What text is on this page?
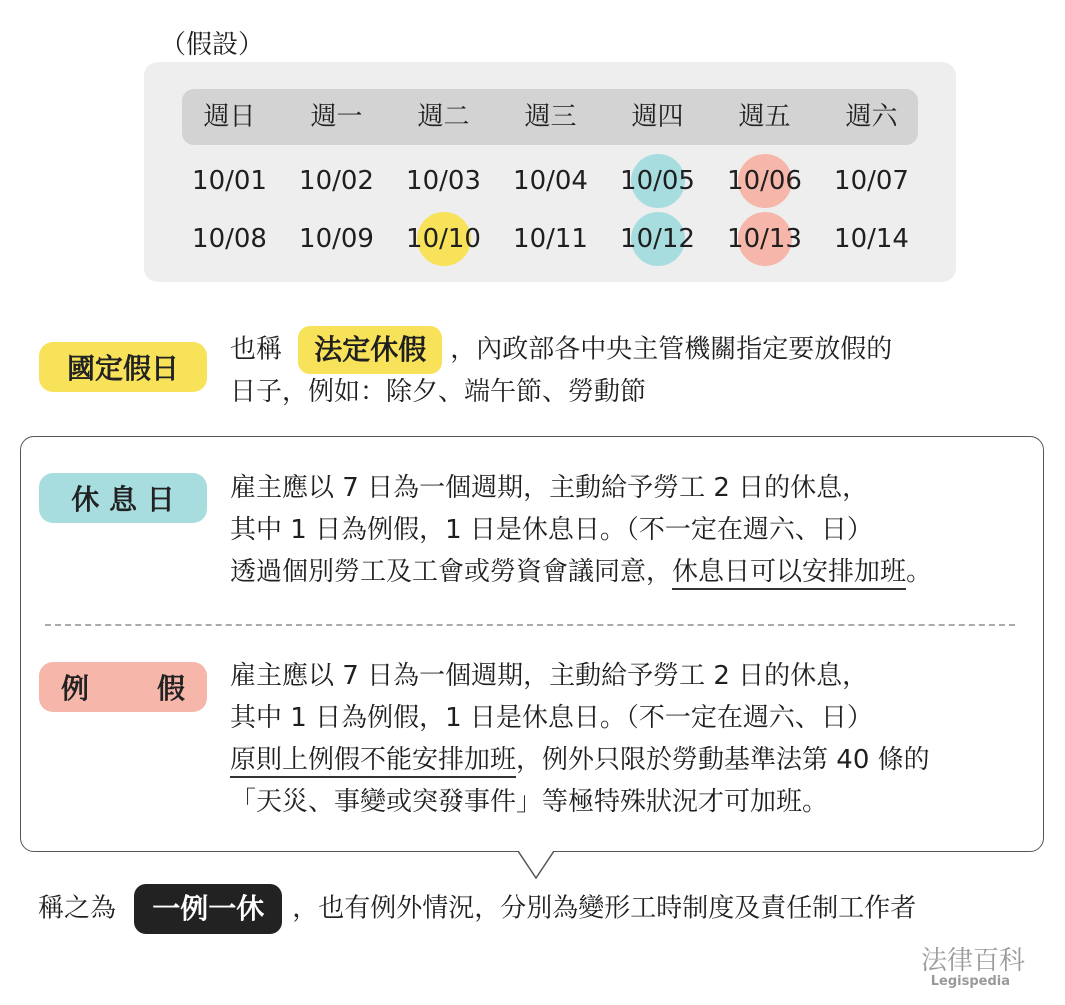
（假設）
週日	週一	週二	週三	週四	週五	週六
10/01	10/02	10/03	10/04	10/05	10/06	10/07
10/08	10/09	10/10	10/11	10/12	10/13	10/14
國定假日
也稱 法定休假 ，內政部各中央主管機關指定要放假的
日子，例如：除夕、端午節、勞動節
休 息 日	雇主應以 7 日為一個週期，主動給予勞工 2 日的休息，
其中 1 日為例假，1 日是休息日。（不一定在週六、日）
透過個別勞工及工會或勞資會議同意，休息日可以安排加班。
例 假 雇主應以 7 日為一個週期，主動給予勞工 2 日的休息，
其中 1 日為例假，1 日是休息日。（不一定在週六、日）
原則上例假不能安排加班，例外只限於勞動基準法第 40 條的
「天災、事變或突發事件」等極特殊狀況才可加班。
稱之為 一例一休 ，也有例外情況，分別為變形工時制度及責任制工作者
法律百科
Legispedia
